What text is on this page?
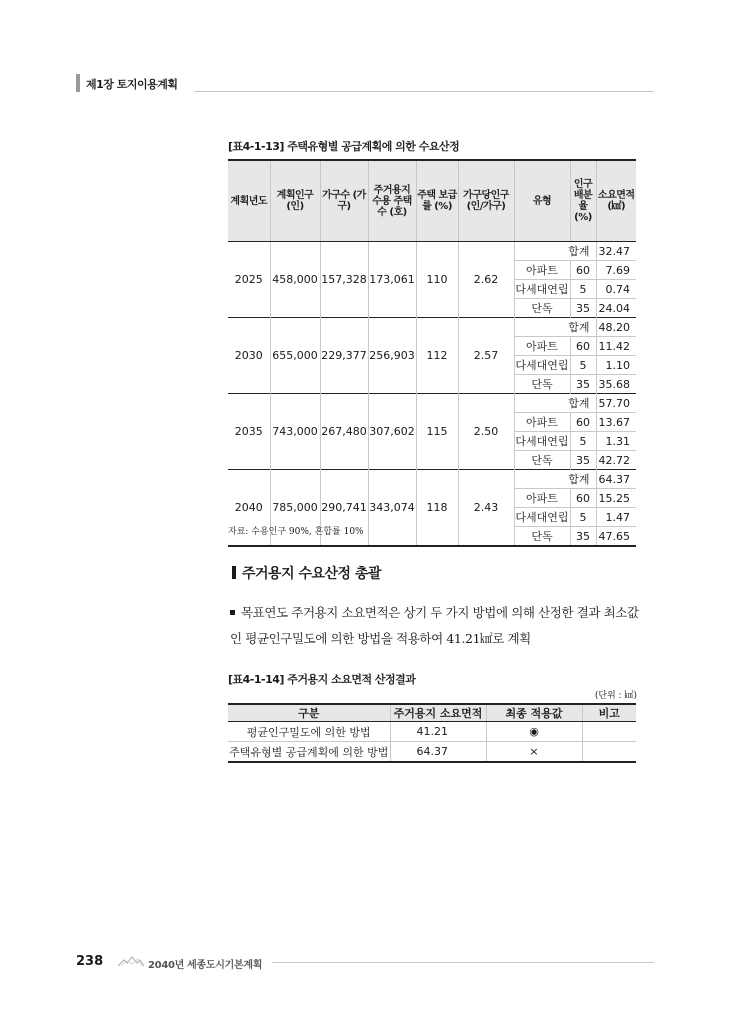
제1장 토지이용계획
[표4-1-13] 주택유형별 공급계획에 의한 수요산정
계획년도	계획인구 (인)	가구수 (가구)	주거용지 수용 주택수 (호)	주택 보급률 (%)	가구당인구 (인/가구)	유형	인구 배분율 (%)	소요면적 (㎢)
2025	458,000	157,328	173,061	110	2.62	합계		32.47
						아파트	60	7.69
						다세대연립	5	0.74
						단독	35	24.04
2030	655,000	229,377	256,903	112	2.57	합계		48.20
						아파트	60	11.42
						다세대연립	5	1.10
						단독	35	35.68
2035	743,000	267,480	307,602	115	2.50	합계		57.70
						아파트	60	13.67
						다세대연립	5	1.31
						단독	35	42.72
2040	785,000	290,741	343,074	118	2.43	합계		64.37
						아파트	60	15.25
						다세대연립	5	1.47
						단독	35	47.65
자료: 수용인구 90%, 혼합률 10%
주거용지 수요산정 총괄
목표연도 주거용지 소요면적은 상기 두 가지 방법에 의해 산정한 결과 최소값인 평균인구밀도에 의한 방법을 적용하여 41.21㎢로 계획
[표4-1-14] 주거용지 소요면적 산정결과
(단위 : ㎢)
구분	주거용지 소요면적	최종 적용값	비고
평균인구밀도에 의한 방법	41.21	◉	
주택유형별 공급계획에 의한 방법	64.37	×	
238	2040년 세종도시기본계획
